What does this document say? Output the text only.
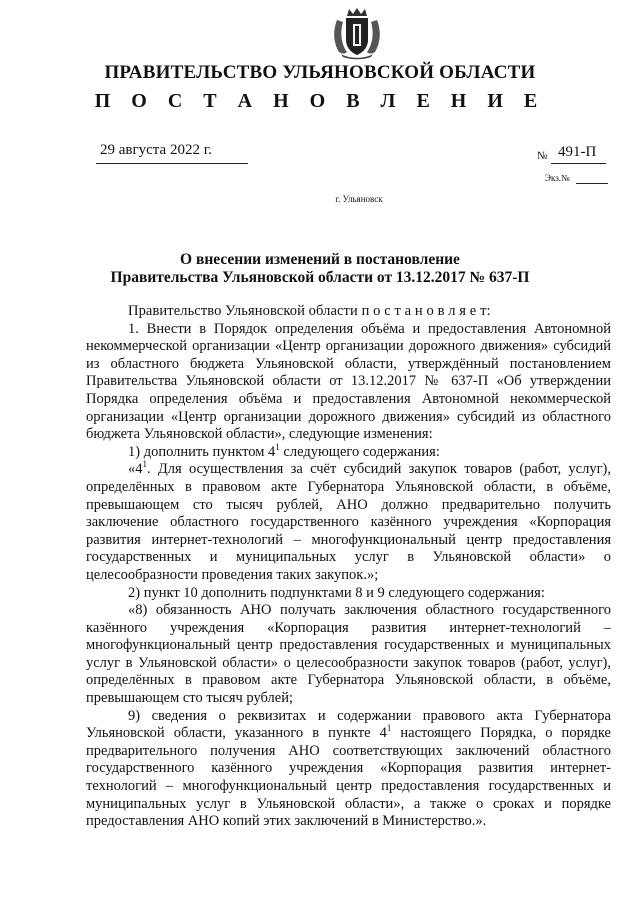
ПРАВИТЕЛЬСТВО УЛЬЯНОВСКОЙ ОБЛАСТИ
П О С Т А Н О В Л Е Н И Е
29 августа 2022 г.	№ 491-П
Экз.№
г. Ульяновск
О внесении изменений в постановление
Правительства Ульяновской области от 13.12.2017 № 637-П

Правительство Ульяновской области п о с т а н о в л я е т:

1. Внести в Порядок определения объёма и предоставления Автономной некоммерческой организации «Центр организации дорожного движения» субсидий из областного бюджета Ульяновской области, утверждённый постановлением Правительства Ульяновской области от 13.12.2017 № 637-П «Об утверждении Порядка определения объёма и предоставления Автономной некоммерческой организации «Центр организации дорожного движения» субсидий из областного бюджета Ульяновской области», следующие изменения:

1) дополнить пунктом $4^1$ следующего содержания:

«$4^1$. Для осуществления за счёт субсидий закупок товаров (работ, услуг), определённых в правовом акте Губернатора Ульяновской области, в объёме, превышающем сто тысяч рублей, АНО должно предварительно получить заключение областного государственного казённого учреждения «Корпорация развития интернет-технологий – многофункциональный центр предоставления государственных и муниципальных услуг в Ульяновской области» о целесообразности проведения таких закупок.»;

2) пункт 10 дополнить подпунктами 8 и 9 следующего содержания:

«8) обязанность АНО получать заключения областного государственного казённого учреждения «Корпорация развития интернет-технологий – многофункциональный центр предоставления государственных и муниципальных услуг в Ульяновской области» о целесообразности закупок товаров (работ, услуг), определённых в правовом акте Губернатора Ульяновской области, в объёме, превышающем сто тысяч рублей;

9) сведения о реквизитах и содержании правового акта Губернатора Ульяновской области, указанного в пункте $4^1$ настоящего Порядка, о порядке предварительного получения АНО соответствующих заключений областного государственного казённого учреждения «Корпорация развития интернет-технологий – многофункциональный центр предоставления государственных и муниципальных услуг в Ульяновской области», а также о сроках и порядке предоставления АНО копий этих заключений в Министерство.».
